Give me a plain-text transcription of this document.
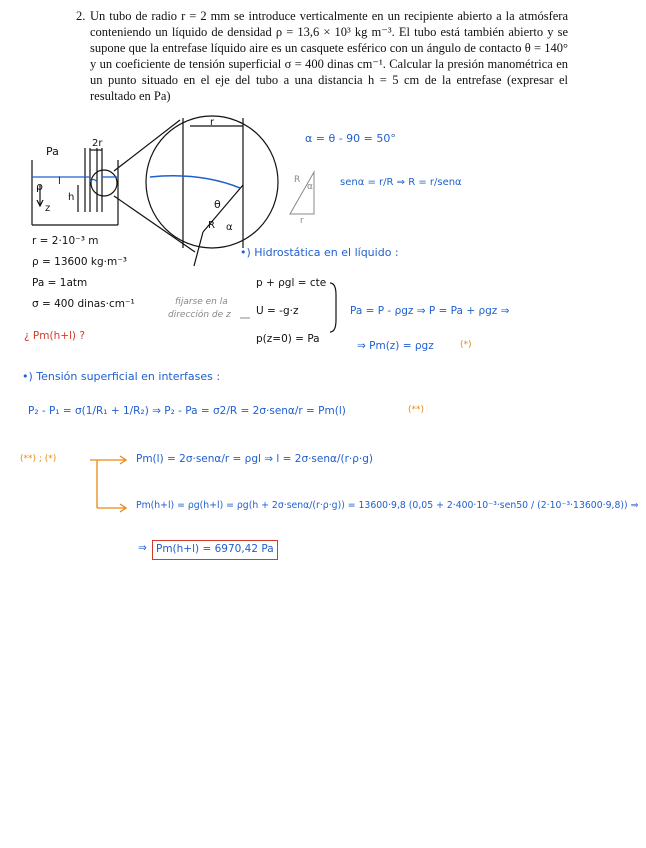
2. Un tubo de radio r = 2 mm se introduce verticalmente en un recipiente abierto a la atmósfera conteniendo un líquido de densidad ρ = 13,6 × 10³ kg m⁻³. El tubo está también abierto y se supone que la entrefase líquido aire es un casquete esférico con un ángulo de contacto θ = 140° y un coeficiente de tensión superficial σ = 400 dinas cm⁻¹. Calcular la presión manométrica en un punto situado en el eje del tubo a una distancia h = 5 cm de la entrefase (expresar el resultado en Pa)
Pa
2r
ρ l
h
z
r
θ
R α
α = θ - 90 = 50°
senα = r/R ⇒ R = r/senα
R
α
r
r = 2·10⁻³ m
ρ = 13600 kg·m⁻³
Pa = 1atm
σ = 400 dinas·cm⁻¹
¿ Pm(h+l) ?
•) Hidrostática en el líquido :
p + ρgl = cte
U = -g·z
p(z=0) = Pa
fijarse en la
dirección de z	Pa = P - ρgz ⇒ P = Pa + ρgz ⇒
⇒ Pm(z) = ρgz	(*)
•) Tensión superficial en interfases :
P₂ - P₁ = σ(1/R₁ + 1/R₂) ⇒ P₂ - Pa = σ2/R = 2σ·senα/r = Pm(l)	(**)
(**) ; (*)	Pm(l) = 2σ·senα/r = ρgl ⇒ l = 2σ·senα/(r·ρ·g)
Pm(h+l) = ρg(h+l) = ρg(h + 2σ·senα/(r·ρ·g)) = 13600·9,8 (0,05 + 2·400·10⁻³·sen50 / (2·10⁻³·13600·9,8)) ⇒
⇒ Pm(h+l) = 6970,42 Pa
